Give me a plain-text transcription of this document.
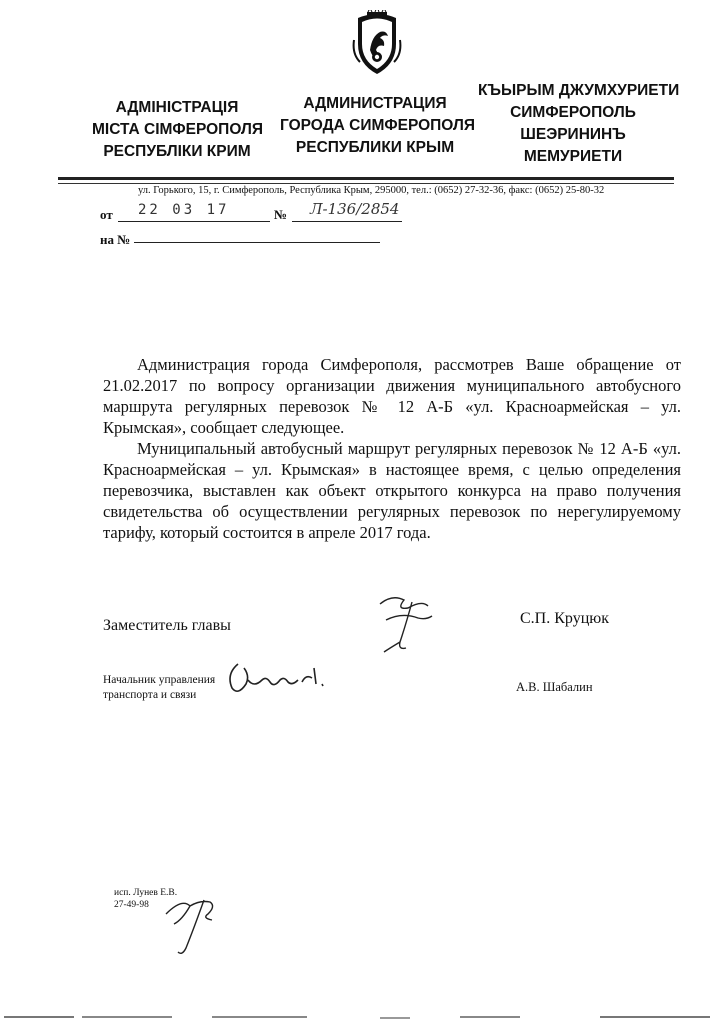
АДМІНІСТРАЦІЯ
МІСТА СІМФЕРОПОЛЯ
РЕСПУБЛІКИ КРИМ
АДМИНИСТРАЦИЯ
ГОРОДА СИМФЕРОПОЛЯ
РЕСПУБЛИКИ КРЫМ
КЪЫРЫМ ДЖУМХУРИЕТИ
СИМФЕРОПОЛЬ
ШЕЭРИНИНЪ
МЕМУРИЕТИ
ул. Горького, 15, г. Симферополь, Республика Крым, 295000, тел.: (0652) 27-32-36, факс: (0652) 25-80-32
от 22 03 17	№ Л-136/2854
на №

Администрация города Симферополя, рассмотрев Ваше обращение от 21.02.2017 по вопросу организации движения муниципального автобусного маршрута регулярных перевозок № 12 А-Б «ул. Красноармейская – ул. Крымская», сообщает следующее.

Муниципальный автобусный маршрут регулярных перевозок № 12 А-Б «ул. Красноармейская – ул. Крымская» в настоящее время, с целью определения перевозчика, выставлен как объект открытого конкурса на право получения свидетельства об осуществлении регулярных перевозок по нерегулируемому тарифу, который состоится в апреле 2017 года.

Заместитель главы	С.П. Круцюк
Начальник управления
транспорта и связи
А.В. Шабалин
исп. Лунев Е.В.
27-49-98
